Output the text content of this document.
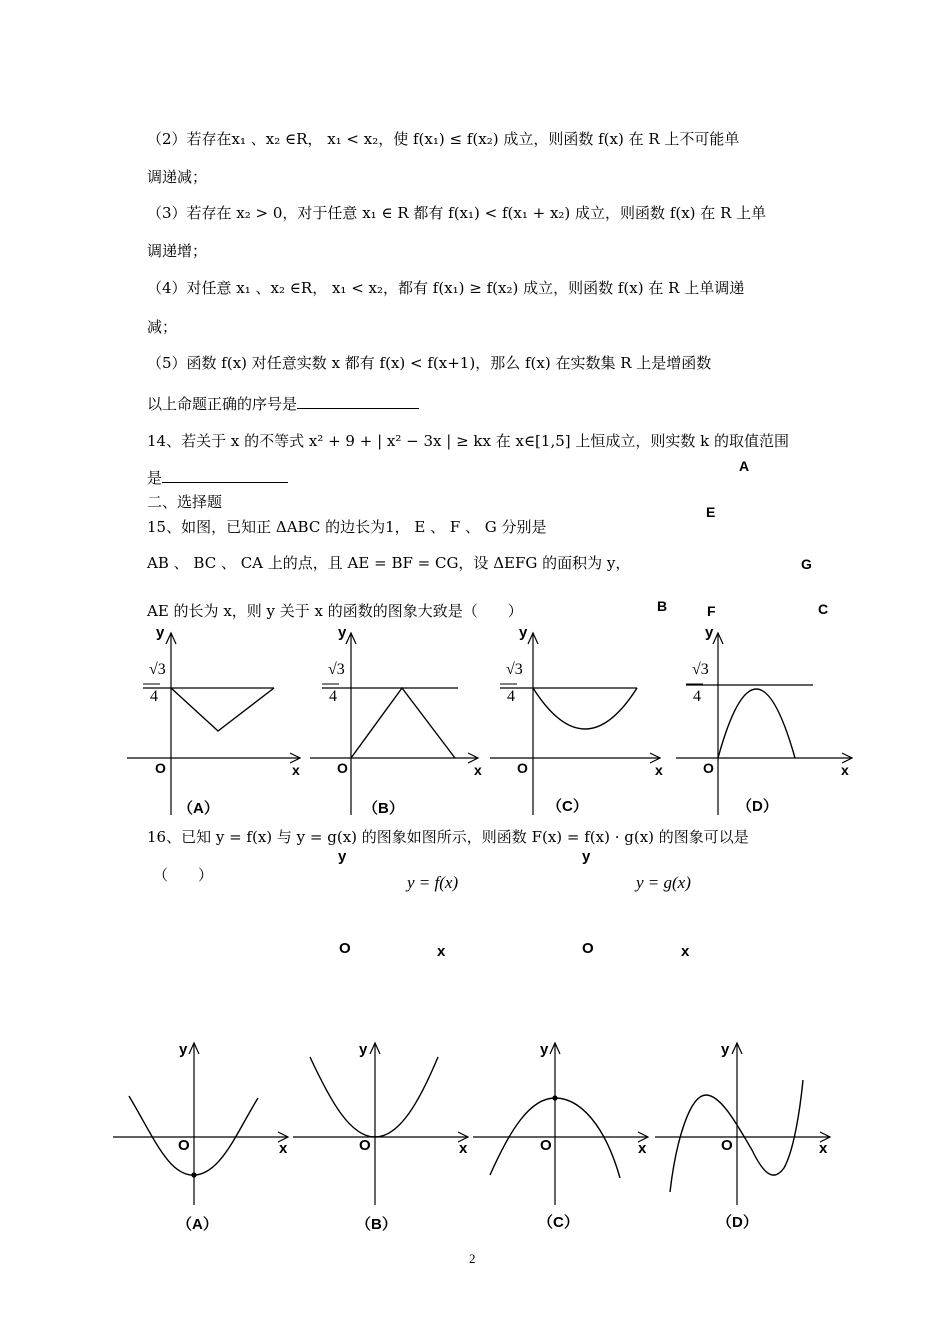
（2）若存在x₁ 、x₂ ∈R， x₁ < x₂，使 f(x₁) ≤ f(x₂) 成立，则函数 f(x) 在 R 上不可能单
调递减；
（3）若存在 x₂ > 0，对于任意 x₁ ∈ R 都有 f(x₁) < f(x₁ + x₂) 成立，则函数 f(x) 在 R 上单
调递增；
（4）对任意 x₁ 、x₂ ∈R， x₁ < x₂，都有 f(x₁) ≥ f(x₂) 成立，则函数 f(x) 在 R 上单调递
减；
（5）函数 f(x) 对任意实数 x 都有 f(x) < f(x+1)，那么 f(x) 在实数集 R 上是增函数
以上命题正确的序号是
14、若关于 x 的不等式 x² + 9 + | x² − 3x | ≥ kx 在 x∈[1,5] 上恒成立，则实数 k 的取值范围
是
二、选择题
15、如图，已知正 ΔABC 的边长为1， E 、 F 、 G 分别是
AB 、 BC 、 CA 上的点，且 AE = BF = CG，设 ΔEFG 的面积为 y，
AE 的长为 x，则 y 关于 x 的函数的图象大致是（　　）
A
E
G
B	F	C
y
√3
4
O	x
（A）
y
√3
4
O	x
（B）
y
√3
4
O	x
（C）
y
√3
4
O	x
（D）
16、已知 y = f(x) 与 y = g(x) 的图象如图所示，则函数 F(x) = f(x) · g(x) 的图象可以是
（　　）
y
y = f(x)
O	x
y
y = g(x)
O	x
y
O	x
（A）
y
O	x
（B）
y
O	x
（C）
y
O	x
（D）
2
